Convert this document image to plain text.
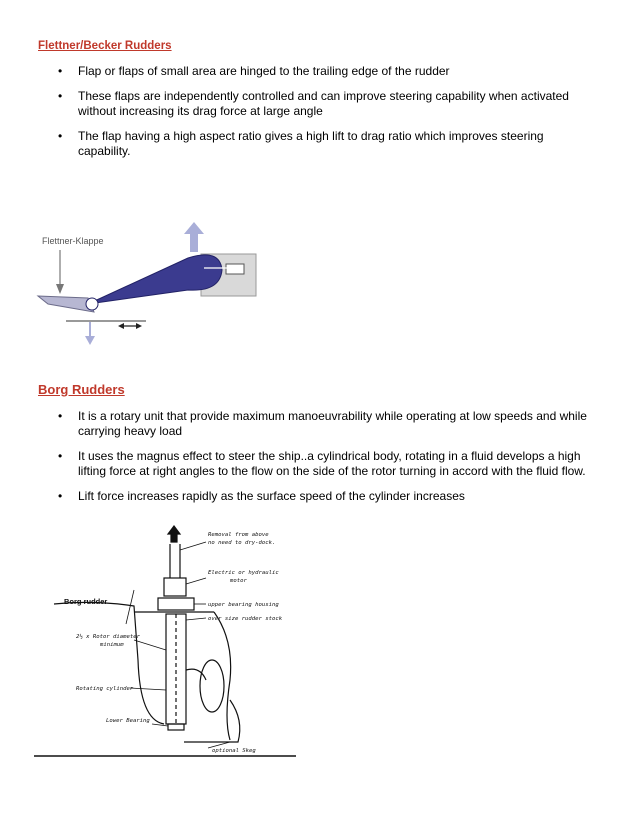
Flettner/Becker Rudders
• Flap or flaps of small area are hinged to the trailing edge of the rudder
• These flaps are independently controlled and can improve steering capability when activated without increasing its drag force at large angle
• The flap having a high aspect ratio gives a high lift to drag ratio which improves steering capability.
Flettner-Klappe
Borg Rudders
• It is a rotary unit that provide maximum manoeuvrability while operating at low speeds and while carrying heavy load
• It uses the magnus effect to steer the ship..a cylindrical body, rotating in a fluid develops a high lifting force at right angles to the flow on the side of the rotor turning in accord with the fluid flow.
• Lift force increases rapidly as the surface speed of the cylinder increases
Removal from above
no need to dry-dock.
Electric or hydraulic
motor
upper bearing housing
over size rudder stock
2½ x Rotor diameter
minimum
Rotating cylinder
Lower Bearing
optional Skeg
Borg rudder
